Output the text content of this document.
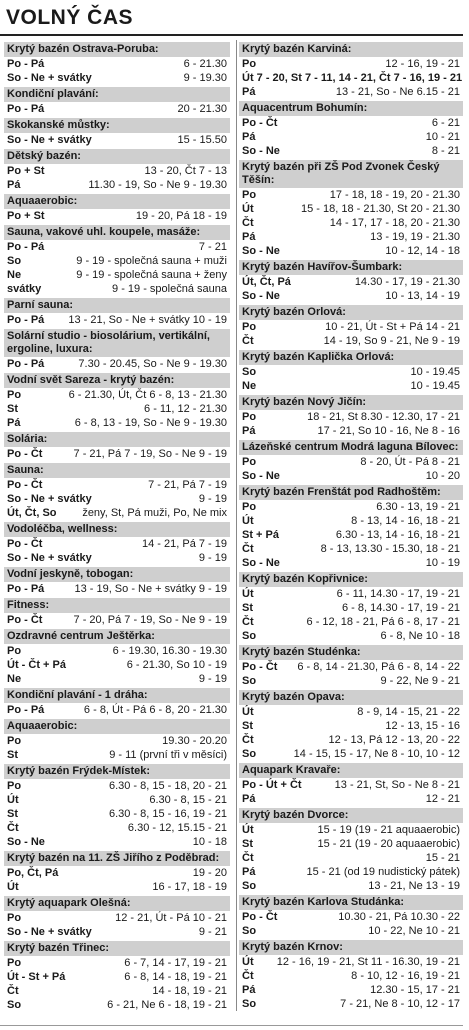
VOLNÝ ČAS
Krytý bazén Ostrava-Poruba:
Po - Pá	6 - 21.30
So - Ne + svátky	9 - 19.30
Kondiční plavání:
Po - Pá	20 - 21.30
Skokanské můstky:
So - Ne + svátky	15 - 15.50
Dětský bazén:
Po + St	13 - 20, Čt 7 - 13
Pá	11.30 - 19, So - Ne 9 - 19.30
Aquaaerobic:
Po + St	19 - 20, Pá 18 - 19
Sauna, vakové uhl. koupele, masáže:
Po - Pá	7 - 21
So	9 - 19 - společná sauna + muži
Ne	9 - 19 - společná sauna + ženy
svátky	9 - 19 - společná sauna
Parní sauna:
Po - Pá 13 - 21, So - Ne + svátky 10 - 19
Solární studio - biosolárium, vertikální, ergoline, luxura:
Po - Pá	7.30 - 20.45, So - Ne 9 - 19.30
Vodní svět Sareza - krytý bazén:
Po	6 - 21.30, Út, Čt 6 - 8, 13 - 21.30
St	6 - 11, 12 - 21.30
Pá	6 - 8, 13 - 19, So - Ne 9 - 19.30
Solária:
Po - Čt	7 - 21, Pá 7 - 19, So - Ne 9 - 19
Sauna:
Po - Čt	7 - 21, Pá 7 - 19
So - Ne + svátky	9 - 19
Út, Čt, So ženy, St, Pá muži, Po, Ne mix
Vodoléčba, wellness:
Po - Čt	14 - 21, Pá 7 - 19
So - Ne + svátky	9 - 19
Vodní jeskyně, tobogan:
Po - Pá	13 - 19, So - Ne + svátky 9 - 19
Fitness:
Po - Čt	7 - 20, Pá 7 - 19, So - Ne 9 - 19
Ozdravné centrum Ještěrka:
Po	6 - 19.30, 16.30 - 19.30
Út - Čt + Pá	6 - 21.30, So 10 - 19
Ne	9 - 19
Kondiční plavání - 1 dráha:
Po - Pá	6 - 8, Út - Pá 6 - 8, 20 - 21.30
Aquaaerobic:
Po	19.30 - 20.20
St	9 - 11 (první tři v měsíci)
Krytý bazén Frýdek-Místek:
Po	6.30 - 8, 15 - 18, 20 - 21
Út	6.30 - 8, 15 - 21
St	6.30 - 8, 15 - 16, 19 - 21
Čt	6.30 - 12, 15.15 - 21
So - Ne	10 - 18
Krytý bazén na 11. ZŠ Jiřího z Poděbrad:
Po, Čt, Pá	19 - 20
Út	16 - 17, 18 - 19
Krytý aquapark Olešná:
Po	12 - 21, Út - Pá 10 - 21
So - Ne + svátky	9 - 21
Krytý bazén Třinec:
Po	6 - 7, 14 - 17, 19 - 21
Út - St + Pá	6 - 8, 14 - 18, 19 - 21
Čt	14 - 18, 19 - 21
So	6 - 21, Ne 6 - 18, 19 - 21
Krytý bazén Karviná:
Po	12 - 16, 19 - 21
Út 7 - 20, St 7 - 11, 14 - 21, Čt 7 - 16, 19 - 21
Pá	13 - 21, So - Ne 6.15 - 21
Aquacentrum Bohumín:
Po - Čt	6 - 21
Pá	10 - 21
So - Ne	8 - 21
Krytý bazén při ZŠ Pod Zvonek Český Těšín:
Po	17 - 18, 18 - 19, 20 - 21.30
Út	15 - 18, 18 - 21.30, St 20 - 21.30
Čt	14 - 17, 17 - 18, 20 - 21.30
Pá	13 - 19, 19 - 21.30
So - Ne	10 - 12, 14 - 18
Krytý bazén Havířov-Šumbark:
Út, Čt, Pá	14.30 - 17, 19 - 21.30
So - Ne	10 - 13, 14 - 19
Krytý bazén Orlová:
Po	10 - 21, Út - St + Pá 14 - 21
Čt	14 - 19, So 9 - 21, Ne 9 - 19
Krytý bazén Kaplička Orlová:
So	10 - 19.45
Ne	10 - 19.45
Krytý bazén Nový Jičín:
Po	18 - 21, St 8.30 - 12.30, 17 - 21
Pá	17 - 21, So 10 - 16, Ne 8 - 16
Lázeňské centrum Modrá laguna Bílovec:
Po	8 - 20, Út - Pá 8 - 21
So - Ne	10 - 20
Krytý bazén Frenštát pod Radhoštěm:
Po	6.30 - 13, 19 - 21
Út	8 - 13, 14 - 16, 18 - 21
St + Pá	6.30 - 13, 14 - 16, 18 - 21
Čt	8 - 13, 13.30 - 15.30, 18 - 21
So - Ne	10 - 19
Krytý bazén Kopřivnice:
Út	6 - 11, 14.30 - 17, 19 - 21
St	6 - 8, 14.30 - 17, 19 - 21
Čt	6 - 12, 18 - 21, Pá 6 - 8, 17 - 21
So	6 - 8, Ne 10 - 18
Krytý bazén Studénka:
Po - Čt 6 - 8, 14 - 21.30, Pá 6 - 8, 14 - 22
So	9 - 22, Ne 9 - 21
Krytý bazén Opava:
Út	8 - 9, 14 - 15, 21 - 22
St	12 - 13, 15 - 16
Čt	12 - 13, Pá 12 - 13, 20 - 22
So	14 - 15, 15 - 17, Ne 8 - 10, 10 - 12
Aquapark Kravaře:
Po - Út + Čt	13 - 21, St, So - Ne 8 - 21
Pá	12 - 21
Krytý bazén Dvorce:
Út	15 - 19 (19 - 21 aquaaerobic)
St	15 - 21 (19 - 20 aquaaerobic)
Čt	15 - 21
Pá	15 - 21 (od 19 nudistický pátek)
So	13 - 21, Ne 13 - 19
Krytý bazén Karlova Studánka:
Po - Čt	10.30 - 21, Pá 10.30 - 22
So	10 - 22, Ne 10 - 21
Krytý bazén Krnov:
Út 12 - 16, 19 - 21, St 11 - 16.30, 19 - 21
Čt	8 - 10, 12 - 16, 19 - 21
Pá	12.30 - 15, 17 - 21
So	7 - 21, Ne 8 - 10, 12 - 17
